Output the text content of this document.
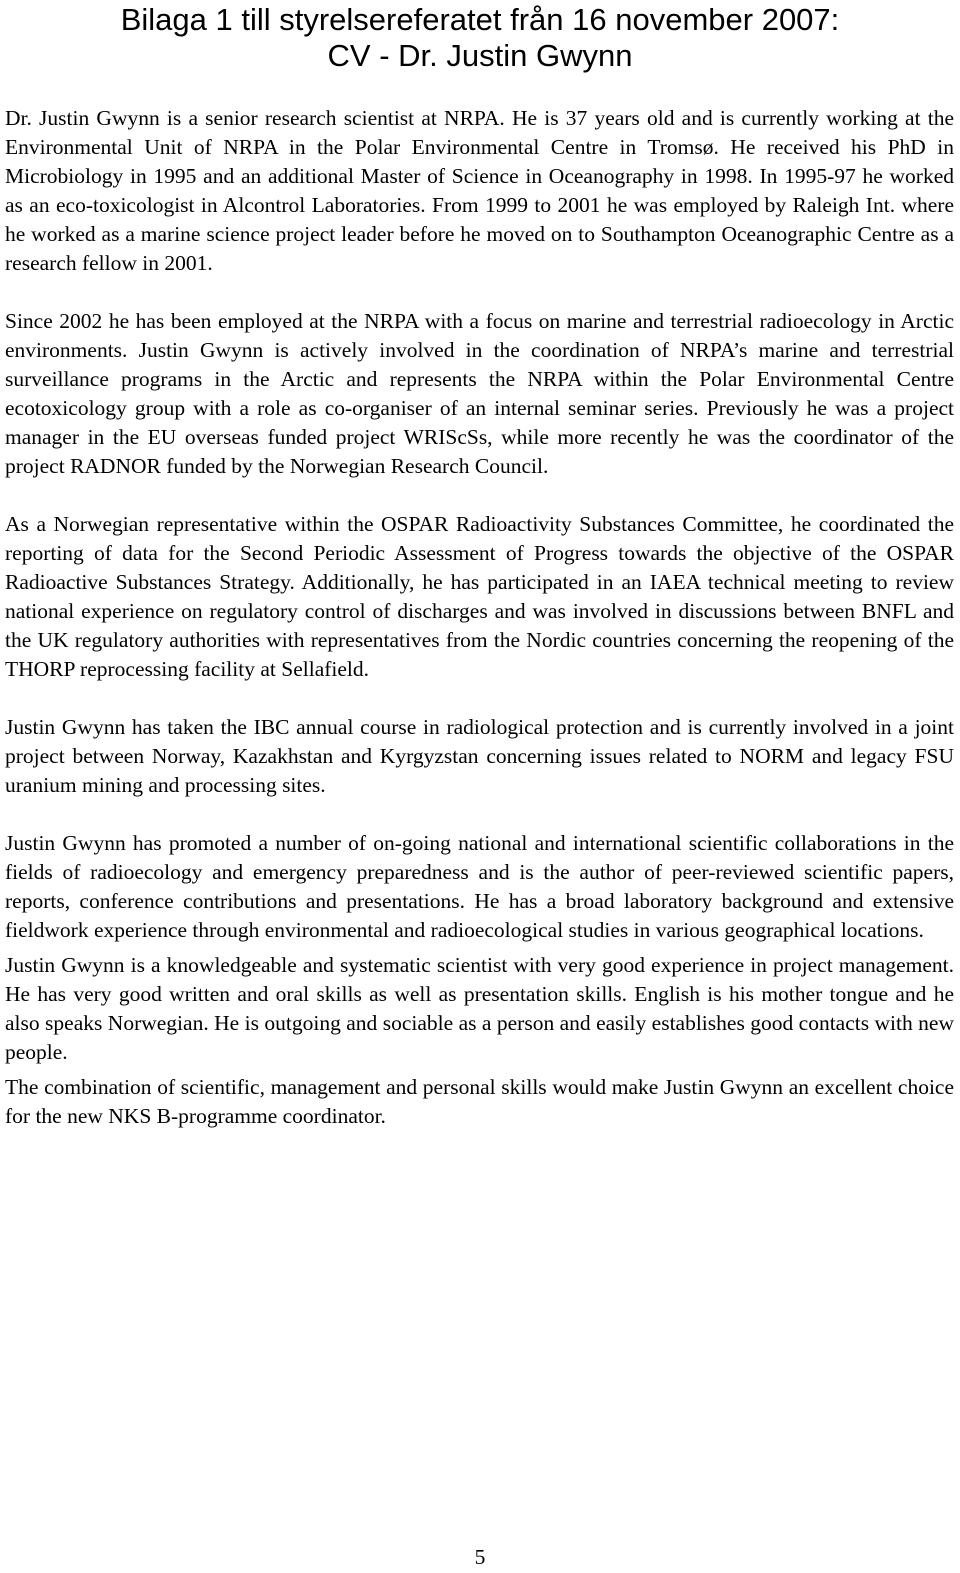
Bilaga 1 till styrelsereferatet från 16 november 2007:
CV - Dr. Justin Gwynn

Dr. Justin Gwynn is a senior research scientist at NRPA. He is 37 years old and is currently working at the Environmental Unit of NRPA in the Polar Environmental Centre in Tromsø. He received his PhD in Microbiology in 1995 and an additional Master of Science in Oceanography in 1998. In 1995-97 he worked as an eco-toxicologist in Alcontrol Laboratories. From 1999 to 2001 he was employed by Raleigh Int. where he worked as a marine science project leader before he moved on to Southampton Oceanographic Centre as a research fellow in 2001.

Since 2002 he has been employed at the NRPA with a focus on marine and terrestrial radioecology in Arctic environments. Justin Gwynn is actively involved in the coordination of NRPA’s marine and terrestrial surveillance programs in the Arctic and represents the NRPA within the Polar Environmental Centre ecotoxicology group with a role as co-organiser of an internal seminar series. Previously he was a project manager in the EU overseas funded project WRIScSs, while more recently he was the coordinator of the project RADNOR funded by the Norwegian Research Council.

As a Norwegian representative within the OSPAR Radioactivity Substances Committee, he coordinated the reporting of data for the Second Periodic Assessment of Progress towards the objective of the OSPAR Radioactive Substances Strategy. Additionally, he has participated in an IAEA technical meeting to review national experience on regulatory control of discharges and was involved in discussions between BNFL and the UK regulatory authorities with representatives from the Nordic countries concerning the reopening of the THORP reprocessing facility at Sellafield.

Justin Gwynn has taken the IBC annual course in radiological protection and is currently involved in a joint project between Norway, Kazakhstan and Kyrgyzstan concerning issues related to NORM and legacy FSU uranium mining and processing sites.

Justin Gwynn has promoted a number of on-going national and international scientific collaborations in the fields of radioecology and emergency preparedness and is the author of peer-reviewed scientific papers, reports, conference contributions and presentations. He has a broad laboratory background and extensive fieldwork experience through environmental and radioecological studies in various geographical locations.

Justin Gwynn is a knowledgeable and systematic scientist with very good experience in project management. He has very good written and oral skills as well as presentation skills. English is his mother tongue and he also speaks Norwegian. He is outgoing and sociable as a person and easily establishes good contacts with new people.

The combination of scientific, management and personal skills would make Justin Gwynn an excellent choice for the new NKS B-programme coordinator.

5
